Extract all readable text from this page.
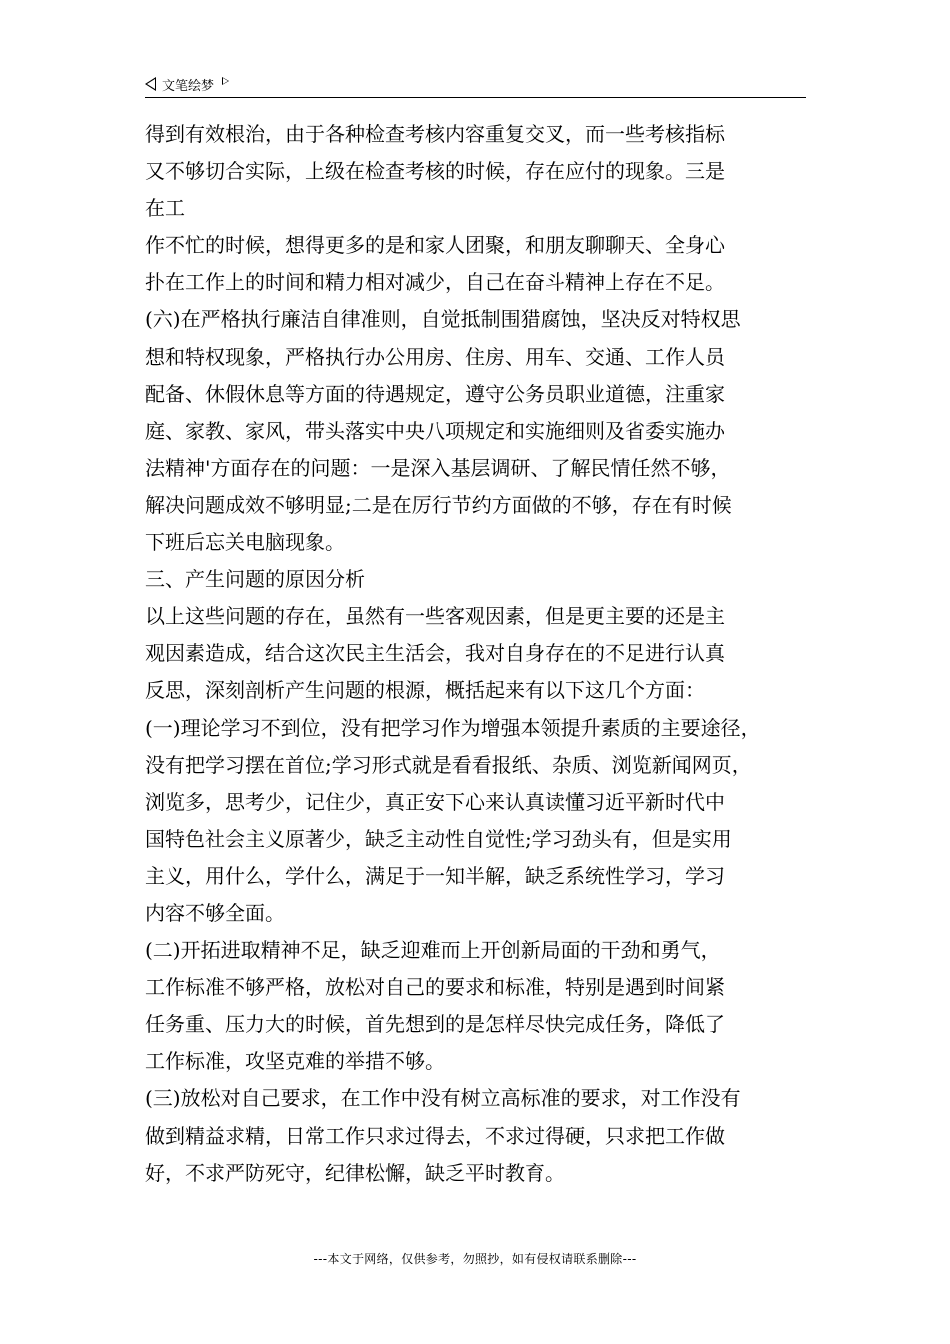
文笔绘梦
得到有效根治，由于各种检查考核内容重复交叉，而一些考核指标
又不够切合实际，上级在检查考核的时候，存在应付的现象。三是
在工
作不忙的时候，想得更多的是和家人团聚，和朋友聊聊天、全身心
扑在工作上的时间和精力相对减少，自己在奋斗精神上存在不足。
(六)在严格执行廉洁自律准则，自觉抵制围猎腐蚀，坚决反对特权思
想和特权现象，严格执行办公用房、住房、用车、交通、工作人员
配备、休假休息等方面的待遇规定，遵守公务员职业道德，注重家
庭、家教、家风，带头落实中央八项规定和实施细则及省委实施办
法精神'方面存在的问题：一是深入基层调研、了解民情任然不够，
解决问题成效不够明显;二是在厉行节约方面做的不够，存在有时候
下班后忘关电脑现象。
三、产生问题的原因分析
以上这些问题的存在，虽然有一些客观因素，但是更主要的还是主
观因素造成，结合这次民主生活会，我对自身存在的不足进行认真
反思，深刻剖析产生问题的根源，概括起来有以下这几个方面：
(一)理论学习不到位，没有把学习作为增强本领提升素质的主要途径，
没有把学习摆在首位;学习形式就是看看报纸、杂质、浏览新闻网页，
浏览多，思考少，记住少，真正安下心来认真读懂习近平新时代中
国特色社会主义原著少，缺乏主动性自觉性;学习劲头有，但是实用
主义，用什么，学什么，满足于一知半解，缺乏系统性学习，学习
内容不够全面。
(二)开拓进取精神不足，缺乏迎难而上开创新局面的干劲和勇气，
工作标准不够严格，放松对自己的要求和标准，特别是遇到时间紧
任务重、压力大的时候，首先想到的是怎样尽快完成任务，降低了
工作标准，攻坚克难的举措不够。
(三)放松对自己要求，在工作中没有树立高标准的要求，对工作没有
做到精益求精，日常工作只求过得去，不求过得硬，只求把工作做
好，不求严防死守，纪律松懈，缺乏平时教育。
---本文于网络，仅供参考，勿照抄，如有侵权请联系删除---
